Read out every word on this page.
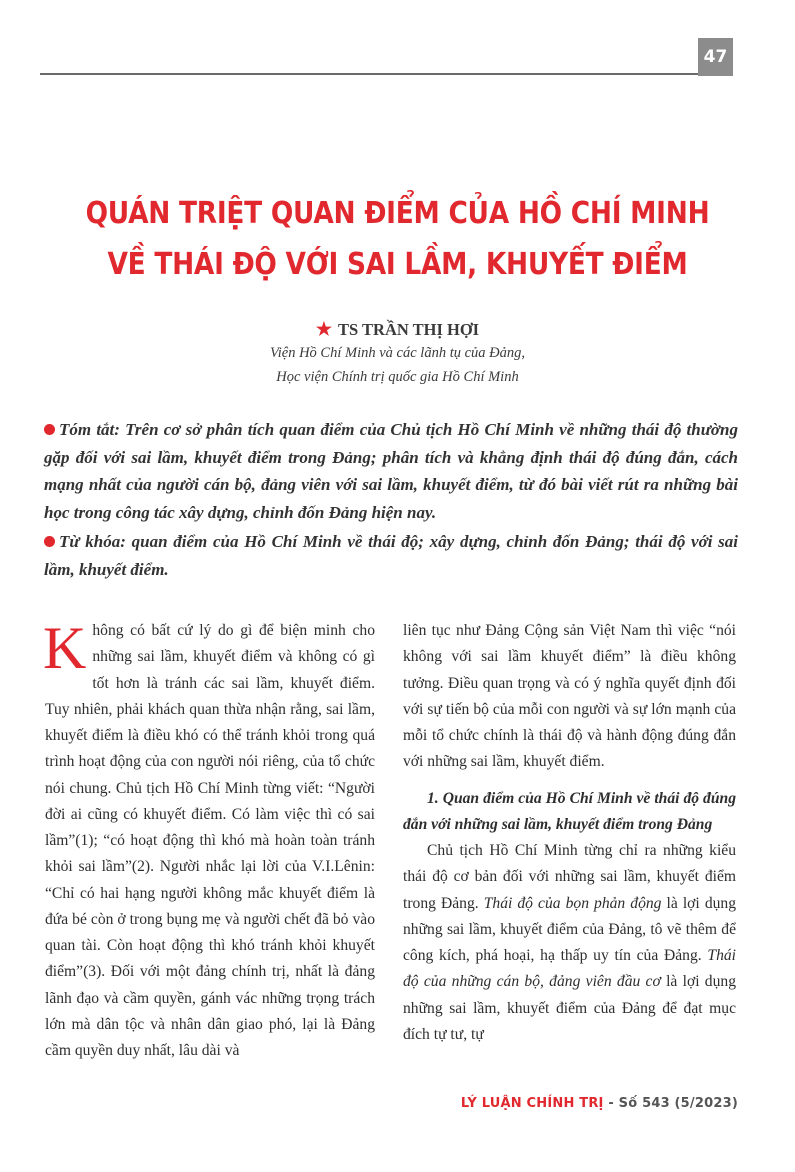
47
QUÁN TRIỆT QUAN ĐIỂM CỦA HỒ CHÍ MINH
VỀ THÁI ĐỘ VỚI SAI LẦM, KHUYẾT ĐIỂM
★ TS TRẦN THỊ HỢI
Viện Hồ Chí Minh và các lãnh tụ của Đảng,
Học viện Chính trị quốc gia Hồ Chí Minh

Tóm tắt: Trên cơ sở phân tích quan điểm của Chủ tịch Hồ Chí Minh về những thái độ thường gặp đối với sai lầm, khuyết điểm trong Đảng; phân tích và khẳng định thái độ đúng đắn, cách mạng nhất của người cán bộ, đảng viên với sai lầm, khuyết điểm, từ đó bài viết rút ra những bài học trong công tác xây dựng, chỉnh đốn Đảng hiện nay.

Từ khóa: quan điểm của Hồ Chí Minh về thái độ; xây dựng, chỉnh đốn Đảng; thái độ với sai lầm, khuyết điểm.

Không có bất cứ lý do gì để biện minh cho những sai lầm, khuyết điểm và không có gì tốt hơn là tránh các sai lầm, khuyết điểm. Tuy nhiên, phải khách quan thừa nhận rằng, sai lầm, khuyết điểm là điều khó có thể tránh khỏi trong quá trình hoạt động của con người nói riêng, của tổ chức nói chung. Chủ tịch Hồ Chí Minh từng viết: “Người đời ai cũng có khuyết điểm. Có làm việc thì có sai lầm”(1); “có hoạt động thì khó mà hoàn toàn tránh khỏi sai lầm”(2). Người nhắc lại lời của V.I.Lênin: “Chỉ có hai hạng người không mắc khuyết điểm là đứa bé còn ở trong bụng mẹ và người chết đã bỏ vào quan tài. Còn hoạt động thì khó tránh khỏi khuyết điểm”(3). Đối với một đảng chính trị, nhất là đảng lãnh đạo và cầm quyền, gánh vác những trọng trách lớn mà dân tộc và nhân dân giao phó, lại là Đảng cầm quyền duy nhất, lâu dài và

liên tục như Đảng Cộng sản Việt Nam thì việc “nói không với sai lầm khuyết điểm” là điều không tưởng. Điều quan trọng và có ý nghĩa quyết định đối với sự tiến bộ của mỗi con người và sự lớn mạnh của mỗi tổ chức chính là thái độ và hành động đúng đắn với những sai lầm, khuyết điểm.

1. Quan điểm của Hồ Chí Minh về thái độ đúng đắn với những sai lầm, khuyết điểm trong Đảng

Chủ tịch Hồ Chí Minh từng chỉ ra những kiểu thái độ cơ bản đối với những sai lầm, khuyết điểm trong Đảng. Thái độ của bọn phản động là lợi dụng những sai lầm, khuyết điểm của Đảng, tô vẽ thêm để công kích, phá hoại, hạ thấp uy tín của Đảng. Thái độ của những cán bộ, đảng viên đầu cơ là lợi dụng những sai lầm, khuyết điểm của Đảng để đạt mục đích tự tư, tự

LÝ LUẬN CHÍNH TRỊ - Số 543 (5/2023)
